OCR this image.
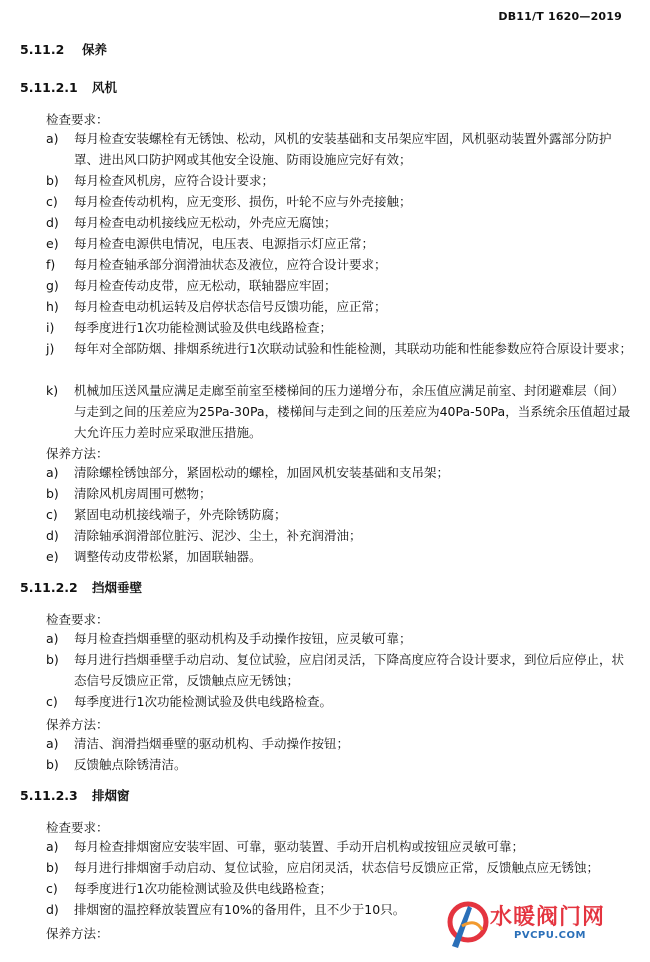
DB11/T 1620—2019
5.11.2 保养
5.11.2.1 风机
检查要求：
a)	每月检查安装螺栓有无锈蚀、松动，风机的安装基础和支吊架应牢固，风机驱动装置外露部分防护罩、进出风口防护网或其他安全设施、防雨设施应完好有效；
b)	每月检查风机房，应符合设计要求；
c)	每月检查传动机构，应无变形、损伤，叶轮不应与外壳接触；
d)	每月检查电动机接线应无松动，外壳应无腐蚀；
e)	每月检查电源供电情况，电压表、电源指示灯应正常；
f)	每月检查轴承部分润滑油状态及液位，应符合设计要求；
g)	每月检查传动皮带，应无松动，联轴器应牢固；
h)	每月检查电动机运转及启停状态信号反馈功能，应正常；
i)	每季度进行1次功能检测试验及供电线路检查；
j)	每年对全部防烟、排烟系统进行1次联动试验和性能检测，其联动功能和性能参数应符合原设计要求；
k)	机械加压送风量应满足走廊至前室至楼梯间的压力递增分布，余压值应满足前室、封闭避难层（间）与走到之间的压差应为25Pa-30Pa，楼梯间与走到之间的压差应为40Pa-50Pa，当系统余压值超过最大允许压力差时应采取泄压措施。
保养方法：
a)	清除螺栓锈蚀部分，紧固松动的螺栓，加固风机安装基础和支吊架；
b)	清除风机房周围可燃物；
c)	紧固电动机接线端子，外壳除锈防腐；
d)	清除轴承润滑部位脏污、泥沙、尘土，补充润滑油；
e)	调整传动皮带松紧，加固联轴器。
5.11.2.2 挡烟垂壁
检查要求：
a)	每月检查挡烟垂壁的驱动机构及手动操作按钮，应灵敏可靠；
b)	每月进行挡烟垂壁手动启动、复位试验，应启闭灵活，下降高度应符合设计要求，到位后应停止，状态信号反馈应正常，反馈触点应无锈蚀；
c)	每季度进行1次功能检测试验及供电线路检查。
保养方法：
a)	清洁、润滑挡烟垂壁的驱动机构、手动操作按钮；
b)	反馈触点除锈清洁。
5.11.2.3 排烟窗
检查要求：
a)	每月检查排烟窗应安装牢固、可靠，驱动装置、手动开启机构或按钮应灵敏可靠；
b)	每月进行排烟窗手动启动、复位试验，应启闭灵活，状态信号反馈应正常，反馈触点应无锈蚀；
c)	每季度进行1次功能检测试验及供电线路检查；
d)	排烟窗的温控释放装置应有10%的备用件，且不少于10只。
保养方法：
水暖阀门网
PVCPU.COM
